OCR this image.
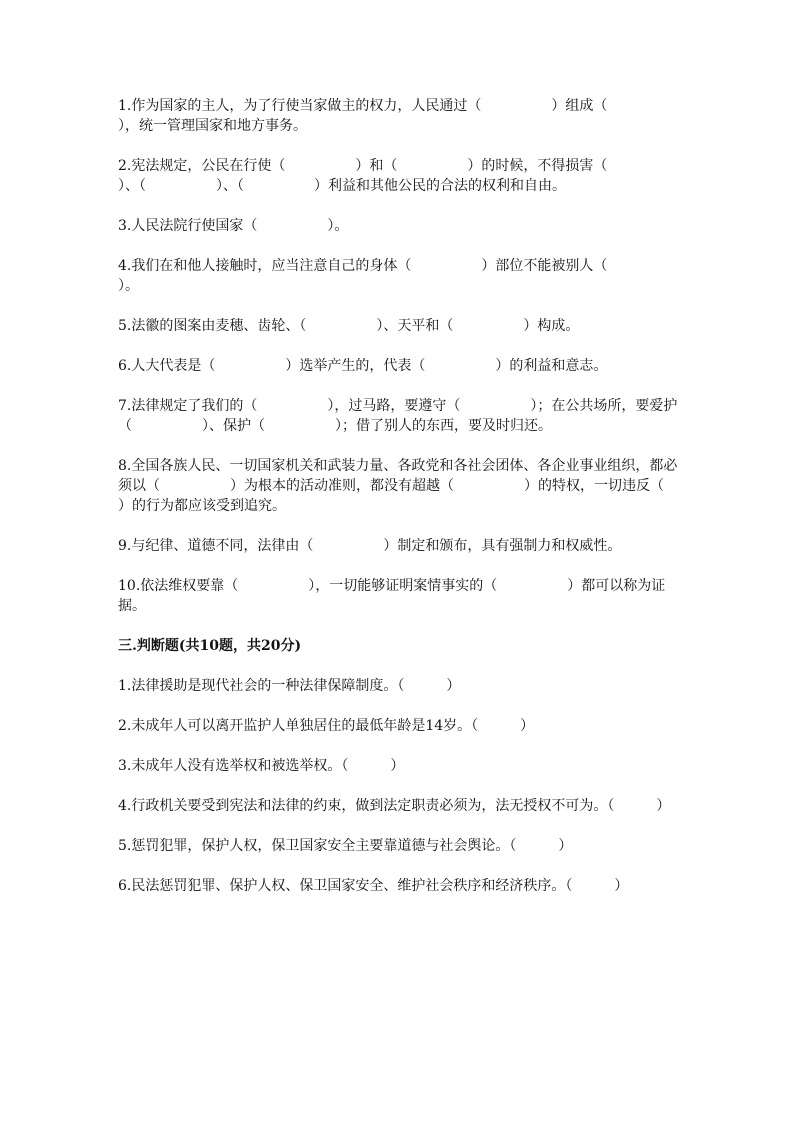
1.作为国家的主人，为了行使当家做主的权力，人民通过（　　　　　）组成（　　　　　），统一管理国家和地方事务。

2.宪法规定，公民在行使（　　　　　）和（　　　　　）的时候，不得损害（　　　　　）、（　　　　　）、（　　　　　）利益和其他公民的合法的权利和自由。

3.人民法院行使国家（　　　　　）。

4.我们在和他人接触时，应当注意自己的身体（　　　　　）部位不能被别人（　　　　　）。

5.法徽的图案由麦穗、齿轮、（　　　　　）、天平和（　　　　　）构成。

6.人大代表是（　　　　　）选举产生的，代表（　　　　　）的利益和意志。

7.法律规定了我们的（　　　　　），过马路，要遵守（　　　　　）；在公共场所，要爱护（　　　　　）、保护（　　　　　）；借了别人的东西，要及时归还。

8.全国各族人民、一切国家机关和武装力量、各政党和各社会团体、各企业事业组织，都必须以（　　　　　）为根本的活动准则，都没有超越（　　　　　）的特权，一切违反（　　　　　）的行为都应该受到追究。

9.与纪律、道德不同，法律由（　　　　　）制定和颁布，具有强制力和权威性。

10.依法维权要靠（　　　　　），一切能够证明案情事实的（　　　　　）都可以称为证据。

三.判断题(共10题，共20分)

1.法律援助是现代社会的一种法律保障制度。（　　　）

2.未成年人可以离开监护人单独居住的最低年龄是14岁。（　　　）

3.未成年人没有选举权和被选举权。（　　　）

4.行政机关要受到宪法和法律的约束，做到法定职责必须为，法无授权不可为。（　　　）

5.惩罚犯罪，保护人权，保卫国家安全主要靠道德与社会舆论。（　　　）

6.民法惩罚犯罪、保护人权、保卫国家安全、维护社会秩序和经济秩序。（　　　）
